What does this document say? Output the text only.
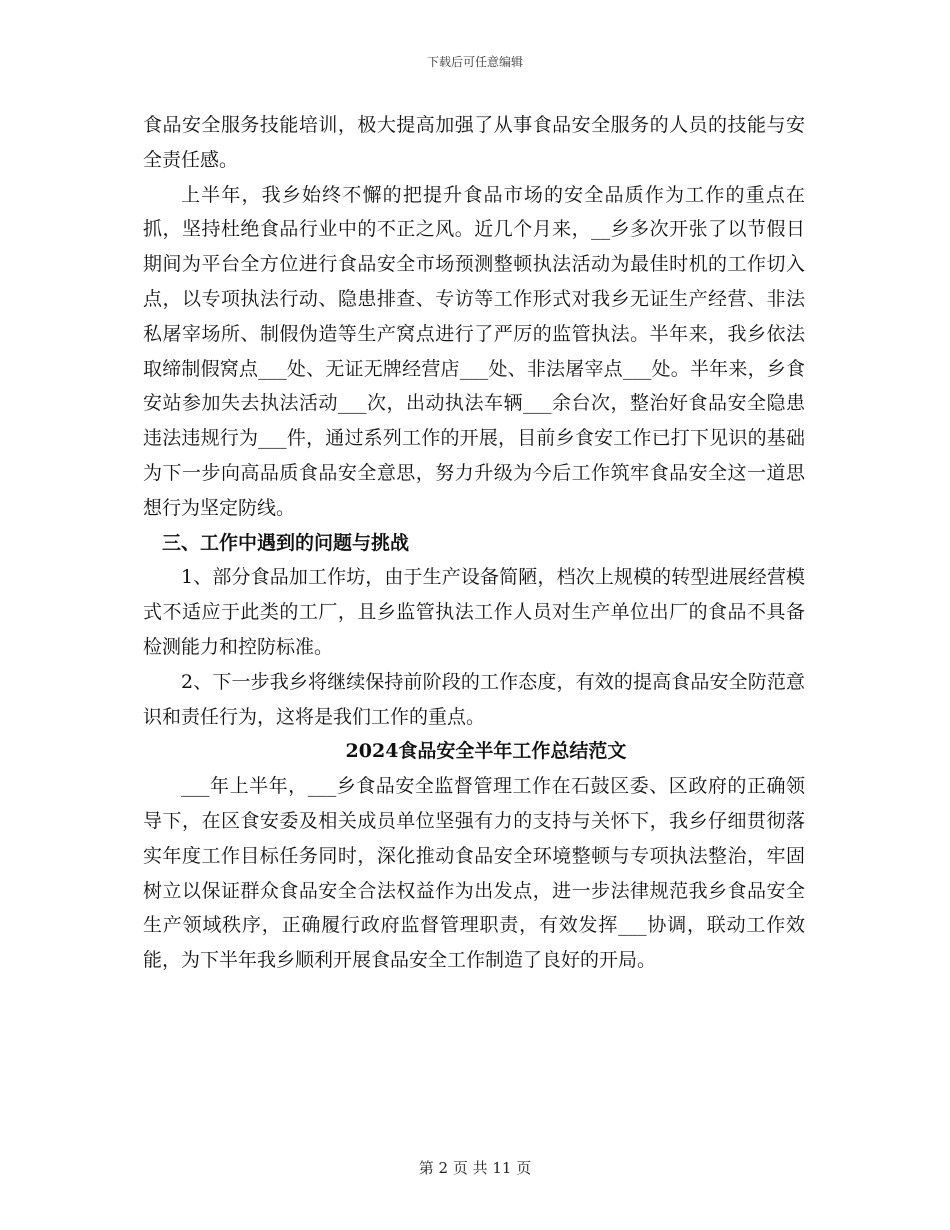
下载后可任意编辑

食品安全服务技能培训，极大提高加强了从事食品安全服务的人员的技能与安全责任感。

上半年，我乡始终不懈的把提升食品市场的安全品质作为工作的重点在抓，坚持杜绝食品行业中的不正之风。近几个月来，__乡多次开张了以节假日期间为平台全方位进行食品安全市场预测整顿执法活动为最佳时机的工作切入点，以专项执法行动、隐患排查、专访等工作形式对我乡无证生产经营、非法私屠宰场所、制假伪造等生产窝点进行了严厉的监管执法。半年来，我乡依法取缔制假窝点___处、无证无牌经营店___处、非法屠宰点___处。半年来，乡食安站参加失去执法活动___次，出动执法车辆___余台次，整治好食品安全隐患违法违规行为___件，通过系列工作的开展，目前乡食安工作已打下见识的基础为下一步向高品质食品安全意思，努力升级为今后工作筑牢食品安全这一道思想行为坚定防线。

三、工作中遇到的问题与挑战

1、部分食品加工作坊，由于生产设备简陋，档次上规模的转型进展经营模式不适应于此类的工厂，且乡监管执法工作人员对生产单位出厂的食品不具备检测能力和控防标准。

2、下一步我乡将继续保持前阶段的工作态度，有效的提高食品安全防范意识和责任行为，这将是我们工作的重点。

2024食品安全半年工作总结范文

___年上半年，___乡食品安全监督管理工作在石鼓区委、区政府的正确领导下，在区食安委及相关成员单位坚强有力的支持与关怀下，我乡仔细贯彻落实年度工作目标任务同时，深化推动食品安全环境整顿与专项执法整治，牢固树立以保证群众食品安全合法权益作为出发点，进一步法律规范我乡食品安全生产领域秩序，正确履行政府监督管理职责，有效发挥___协调，联动工作效能，为下半年我乡顺利开展食品安全工作制造了良好的开局。

第 2 页 共 11 页
